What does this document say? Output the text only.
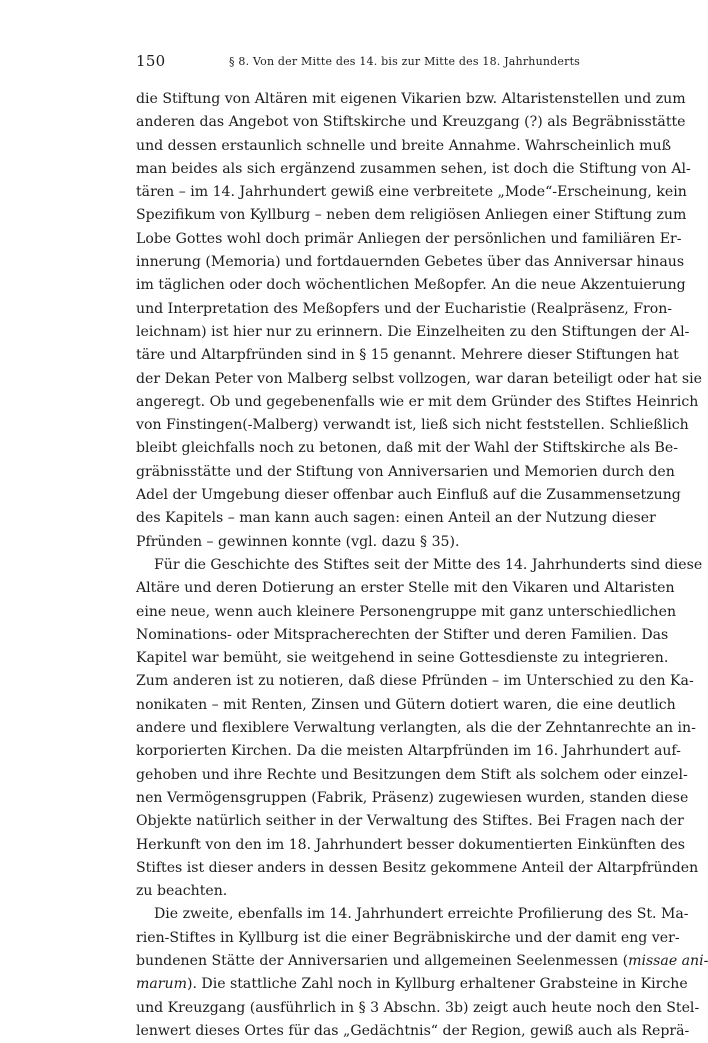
150	§ 8. Von der Mitte des 14. bis zur Mitte des 18. Jahrhunderts
die Stiftung von Altären mit eigenen Vikarien bzw. Altaristenstellen und zum
anderen das Angebot von Stiftskirche und Kreuzgang (?) als Begräbnisstätte
und dessen erstaunlich schnelle und breite Annahme. Wahrscheinlich muß
man beides als sich ergänzend zusammen sehen, ist doch die Stiftung von Al-
tären – im 14. Jahrhundert gewiß eine verbreitete „Mode“-Erscheinung, kein
Spezifikum von Kyllburg – neben dem religiösen Anliegen einer Stiftung zum
Lobe Gottes wohl doch primär Anliegen der persönlichen und familiären Er-
innerung (Memoria) und fortdauernden Gebetes über das Anniversar hinaus
im täglichen oder doch wöchentlichen Meßopfer. An die neue Akzentuierung
und Interpretation des Meßopfers und der Eucharistie (Realpräsenz, Fron-
leichnam) ist hier nur zu erinnern. Die Einzelheiten zu den Stiftungen der Al-
täre und Altarpfründen sind in § 15 genannt. Mehrere dieser Stiftungen hat
der Dekan Peter von Malberg selbst vollzogen, war daran beteiligt oder hat sie
angeregt. Ob und gegebenenfalls wie er mit dem Gründer des Stiftes Heinrich
von Finstingen(-Malberg) verwandt ist, ließ sich nicht feststellen. Schließlich
bleibt gleichfalls noch zu betonen, daß mit der Wahl der Stiftskirche als Be-
gräbnisstätte und der Stiftung von Anniversarien und Memorien durch den
Adel der Umgebung dieser offenbar auch Einfluß auf die Zusammensetzung
des Kapitels – man kann auch sagen: einen Anteil an der Nutzung dieser
Pfründen – gewinnen konnte (vgl. dazu § 35).
Für die Geschichte des Stiftes seit der Mitte des 14. Jahrhunderts sind diese
Altäre und deren Dotierung an erster Stelle mit den Vikaren und Altaristen
eine neue, wenn auch kleinere Personengruppe mit ganz unterschiedlichen
Nominations- oder Mitspracherechten der Stifter und deren Familien. Das
Kapitel war bemüht, sie weitgehend in seine Gottesdienste zu integrieren.
Zum anderen ist zu notieren, daß diese Pfründen – im Unterschied zu den Ka-
nonikaten – mit Renten, Zinsen und Gütern dotiert waren, die eine deutlich
andere und flexiblere Verwaltung verlangten, als die der Zehntanrechte an in-
korporierten Kirchen. Da die meisten Altarpfründen im 16. Jahrhundert auf-
gehoben und ihre Rechte und Besitzungen dem Stift als solchem oder einzel-
nen Vermögensgruppen (Fabrik, Präsenz) zugewiesen wurden, standen diese
Objekte natürlich seither in der Verwaltung des Stiftes. Bei Fragen nach der
Herkunft von den im 18. Jahrhundert besser dokumentierten Einkünften des
Stiftes ist dieser anders in dessen Besitz gekommene Anteil der Altarpfründen
zu beachten.
Die zweite, ebenfalls im 14. Jahrhundert erreichte Profilierung des St. Ma-
rien-Stiftes in Kyllburg ist die einer Begräbniskirche und der damit eng ver-
bundenen Stätte der Anniversarien und allgemeinen Seelenmessen (missae ani-
marum). Die stattliche Zahl noch in Kyllburg erhaltener Grabsteine in Kirche
und Kreuzgang (ausführlich in § 3 Abschn. 3b) zeigt auch heute noch den Stel-
lenwert dieses Ortes für das „Gedächtnis“ der Region, gewiß auch als Reprä-
